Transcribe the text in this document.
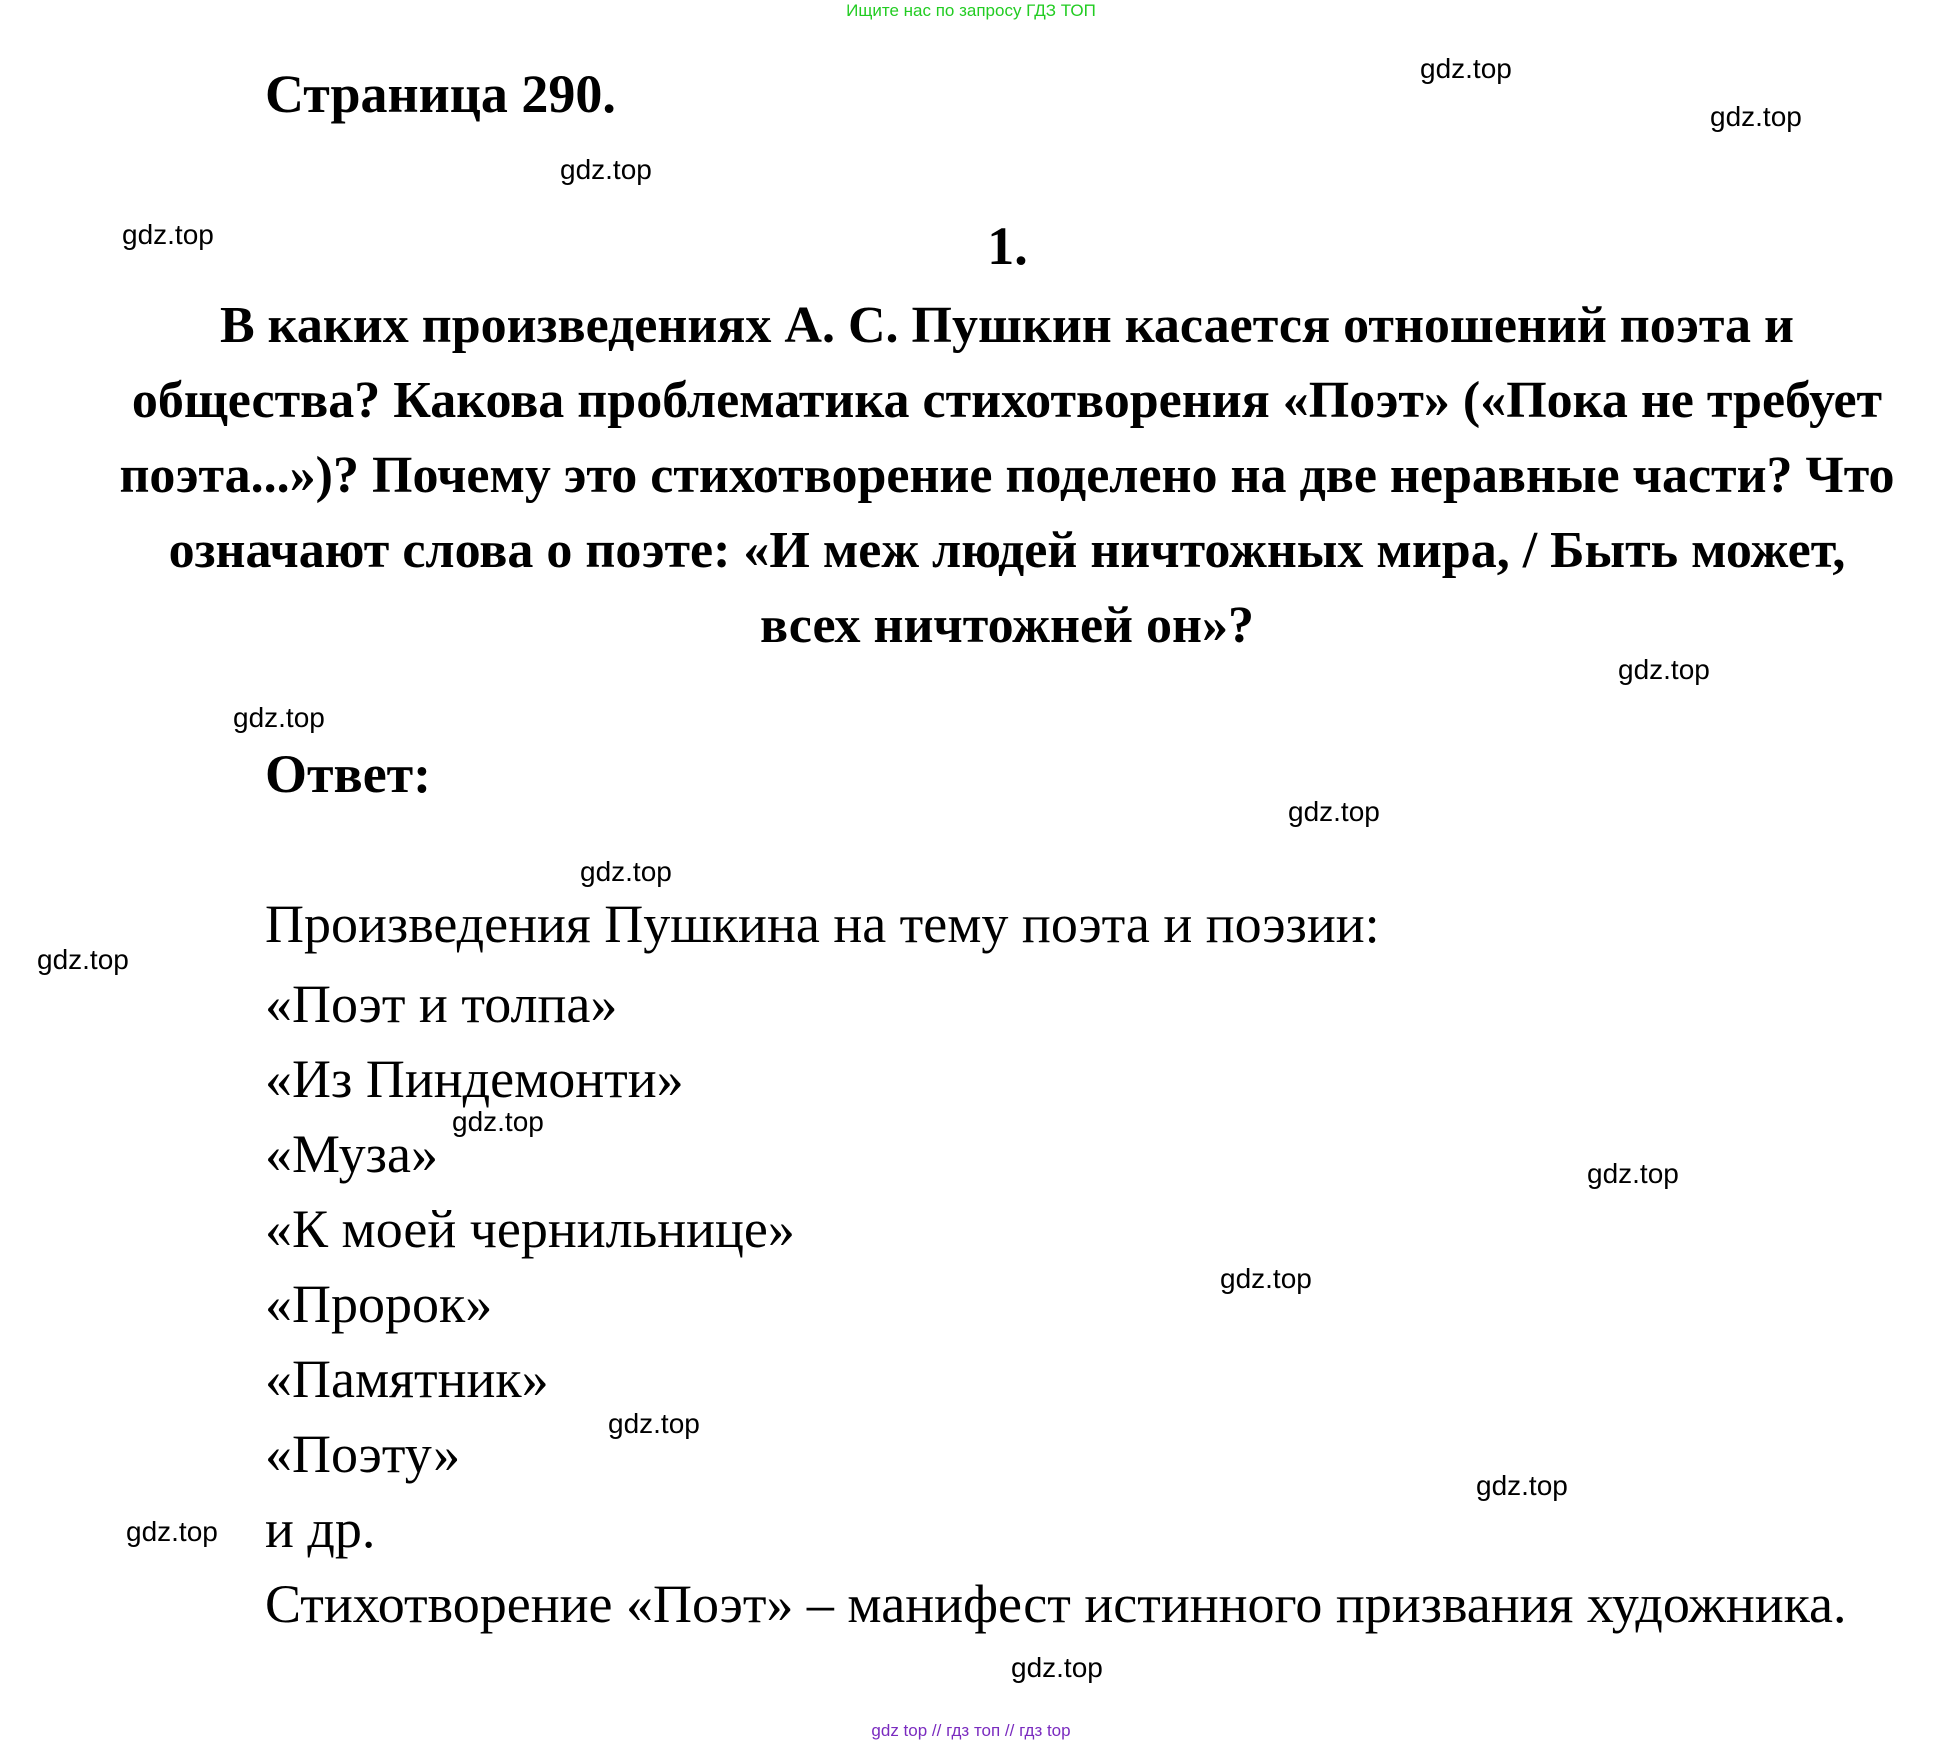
Ищите нас по запросу ГДЗ ТОП
Страница 290.
1.

В каких произведениях А. С. Пушкин касается отношений поэта и общества? Какова проблематика стихотворения «Поэт» («Пока не требует поэта...»)? Почему это стихотворение поделено на две неравные части? Что означают слова о поэте: «И меж людей ничтожных мира, / Быть может, всех ничтожней он»?

Ответ:
Произведения Пушкина на тему поэта и поэзии:
«Поэт и толпа»
«Из Пиндемонти»
«Муза»
«К моей чернильнице»
«Пророк»
«Памятник»
«Поэту»
и др.

Стихотворение «Поэт» – манифест истинного призвания художника.

gdz.top
gdz.top
gdz.top
gdz.top
gdz.top
gdz.top
gdz.top
gdz.top
gdz.top
gdz.top
gdz.top
gdz.top
gdz.top
gdz.top
gdz.top
gdz.top
gdz top // гдз топ // гдз top
